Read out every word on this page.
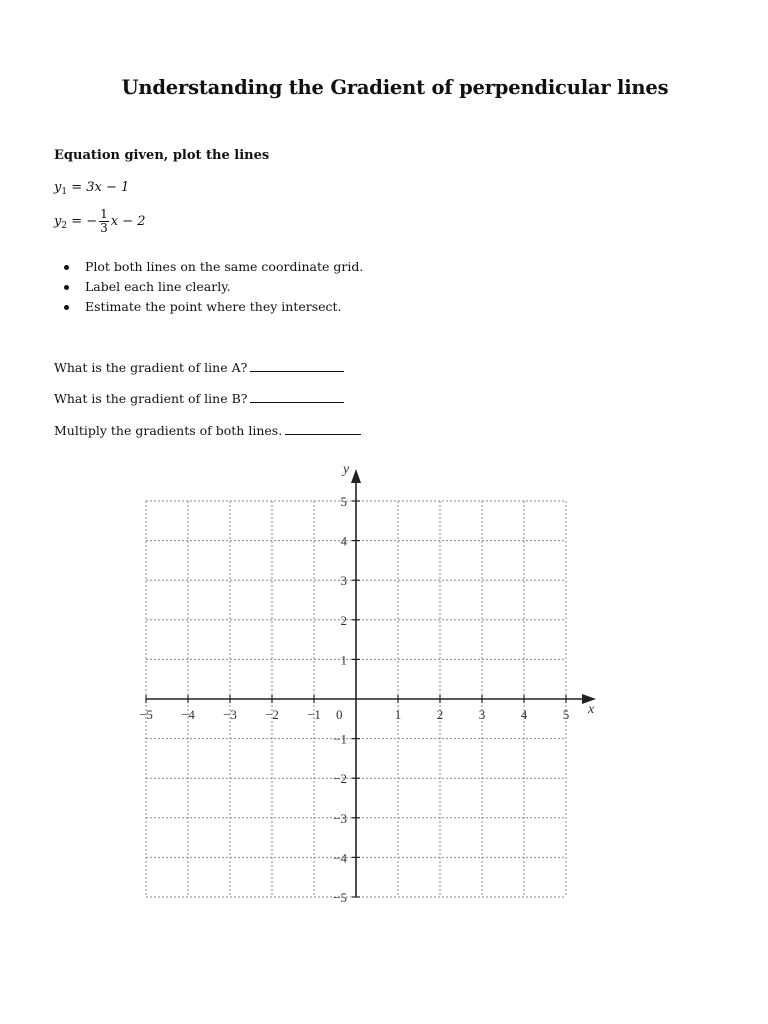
Understanding the Gradient of perpendicular lines
Equation given, plot the lines
$y_1 = 3x - 1$
$y_2$ = − $\frac{1}{3}$ x − 2
Plot both lines on the same coordinate grid.
Label each line clearly.
Estimate the point where they intersect.
What is the gradient of line A?
What is the gradient of line B?
Multiply the gradients of both lines.
−5 −4 −3 −2 −1	1	2	3	4	5
1
2
3
4
5
−1
−2
−3
−4
−5
x
y
0
